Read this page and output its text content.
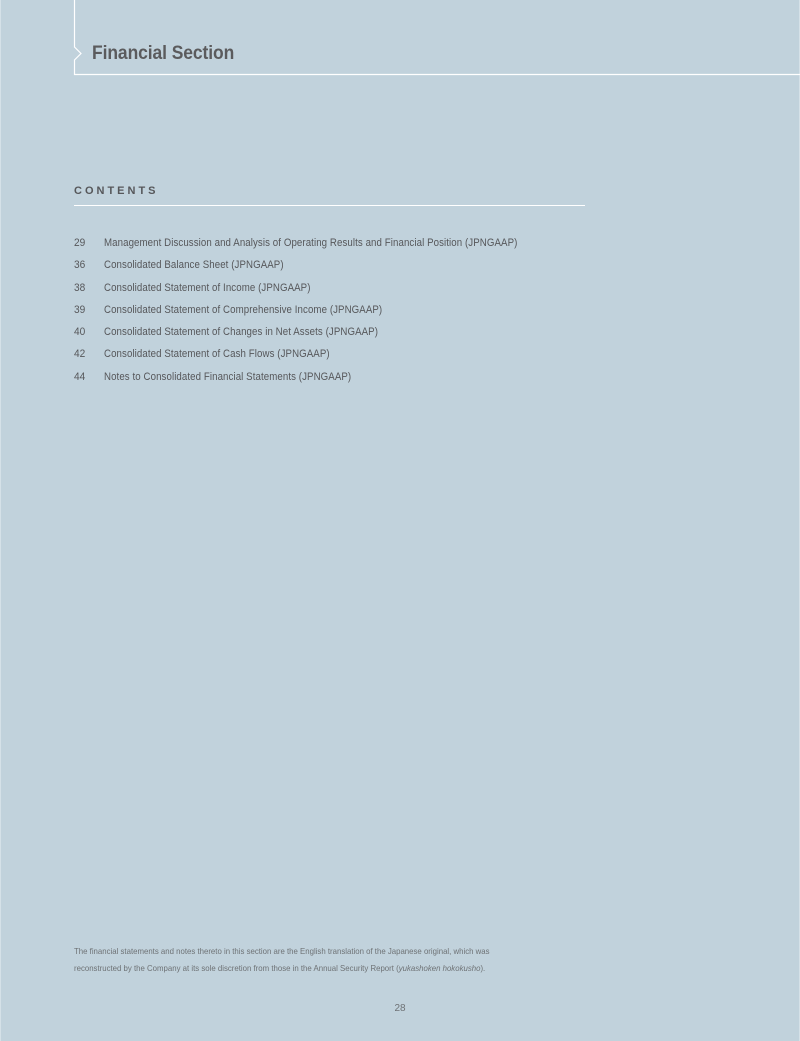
Financial Section
CONTENTS
29	Management Discussion and Analysis of Operating Results and Financial Position (JPNGAAP)
36	Consolidated Balance Sheet (JPNGAAP)
38	Consolidated Statement of Income (JPNGAAP)
39	Consolidated Statement of Comprehensive Income (JPNGAAP)
40	Consolidated Statement of Changes in Net Assets (JPNGAAP)
42	Consolidated Statement of Cash Flows (JPNGAAP)
44	Notes to Consolidated Financial Statements (JPNGAAP)
The financial statements and notes thereto in this section are the English translation of the Japanese original, which was
reconstructed by the Company at its sole discretion from those in the Annual Security Report (yukashoken hokokusho).
28
